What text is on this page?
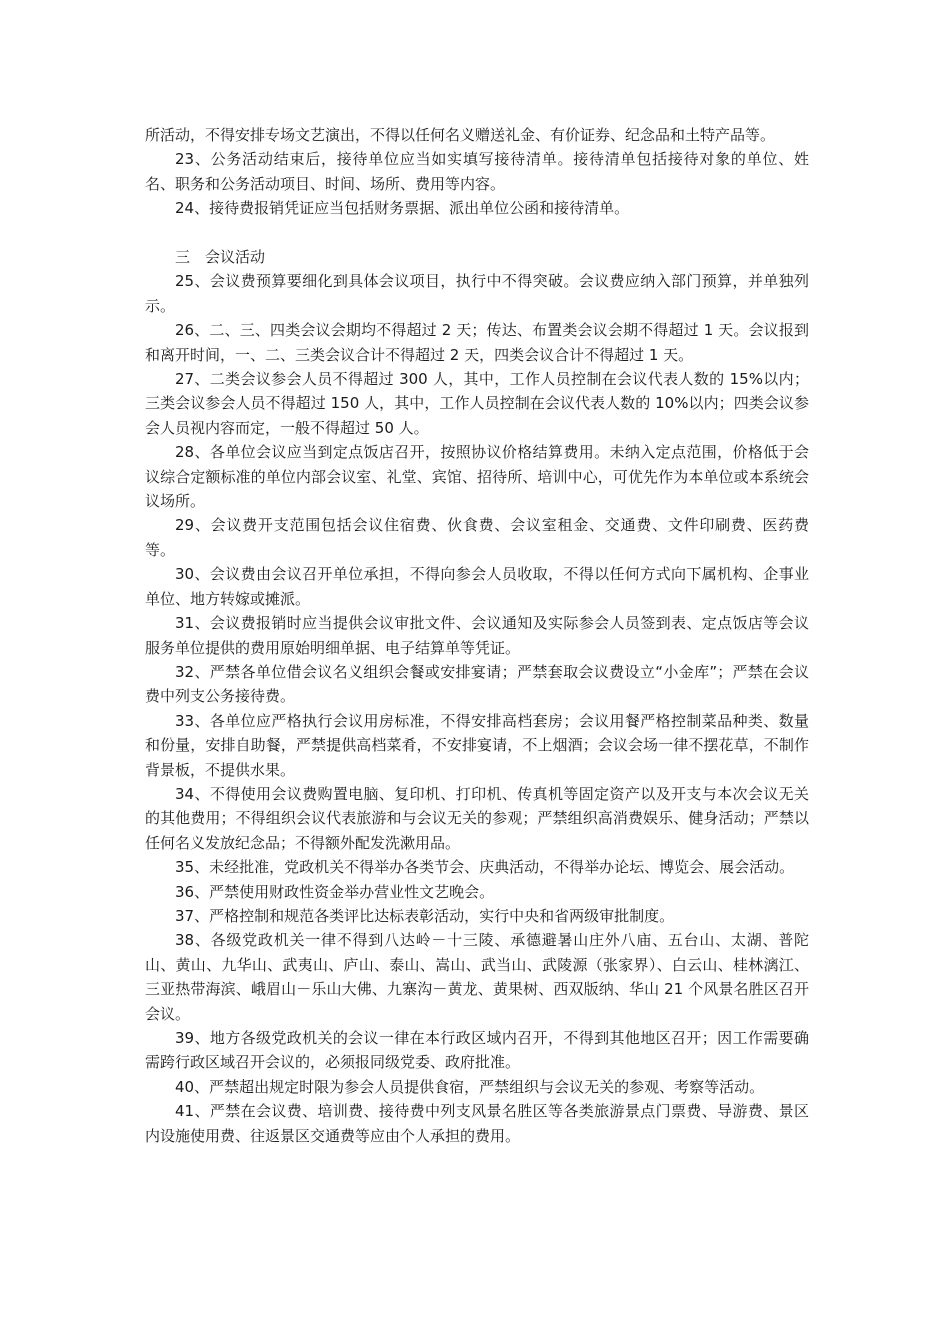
所活动，不得安排专场文艺演出，不得以任何名义赠送礼金、有价证券、纪念品和土特产品等。

23、公务活动结束后，接待单位应当如实填写接待清单。接待清单包括接待对象的单位、姓名、职务和公务活动项目、时间、场所、费用等内容。

24、接待费报销凭证应当包括财务票据、派出单位公函和接待清单。

三　会议活动

25、会议费预算要细化到具体会议项目，执行中不得突破。会议费应纳入部门预算，并单独列示。

26、二、三、四类会议会期均不得超过 2 天；传达、布置类会议会期不得超过 1 天。会议报到和离开时间，一、二、三类会议合计不得超过 2 天，四类会议合计不得超过 1 天。

27、二类会议参会人员不得超过 300 人，其中，工作人员控制在会议代表人数的 15%以内；三类会议参会人员不得超过 150 人，其中，工作人员控制在会议代表人数的 10%以内；四类会议参会人员视内容而定，一般不得超过 50 人。

28、各单位会议应当到定点饭店召开，按照协议价格结算费用。未纳入定点范围，价格低于会议综合定额标准的单位内部会议室、礼堂、宾馆、招待所、培训中心，可优先作为本单位或本系统会议场所。

29、会议费开支范围包括会议住宿费、伙食费、会议室租金、交通费、文件印刷费、医药费等。

30、会议费由会议召开单位承担，不得向参会人员收取，不得以任何方式向下属机构、企事业单位、地方转嫁或摊派。

31、会议费报销时应当提供会议审批文件、会议通知及实际参会人员签到表、定点饭店等会议服务单位提供的费用原始明细单据、电子结算单等凭证。

32、严禁各单位借会议名义组织会餐或安排宴请；严禁套取会议费设立“小金库”；严禁在会议费中列支公务接待费。

33、各单位应严格执行会议用房标准，不得安排高档套房；会议用餐严格控制菜品种类、数量和份量，安排自助餐，严禁提供高档菜肴，不安排宴请，不上烟酒；会议会场一律不摆花草，不制作背景板，不提供水果。

34、不得使用会议费购置电脑、复印机、打印机、传真机等固定资产以及开支与本次会议无关的其他费用；不得组织会议代表旅游和与会议无关的参观；严禁组织高消费娱乐、健身活动；严禁以任何名义发放纪念品；不得额外配发洗漱用品。

35、未经批准，党政机关不得举办各类节会、庆典活动，不得举办论坛、博览会、展会活动。

36、严禁使用财政性资金举办营业性文艺晚会。

37、严格控制和规范各类评比达标表彰活动，实行中央和省两级审批制度。

38、各级党政机关一律不得到八达岭－十三陵、承德避暑山庄外八庙、五台山、太湖、普陀山、黄山、九华山、武夷山、庐山、泰山、嵩山、武当山、武陵源（张家界）、白云山、桂林漓江、三亚热带海滨、峨眉山－乐山大佛、九寨沟－黄龙、黄果树、西双版纳、华山 21 个风景名胜区召开会议。

39、地方各级党政机关的会议一律在本行政区域内召开，不得到其他地区召开；因工作需要确需跨行政区域召开会议的，必须报同级党委、政府批准。

40、严禁超出规定时限为参会人员提供食宿，严禁组织与会议无关的参观、考察等活动。

41、严禁在会议费、培训费、接待费中列支风景名胜区等各类旅游景点门票费、导游费、景区内设施使用费、往返景区交通费等应由个人承担的费用。
